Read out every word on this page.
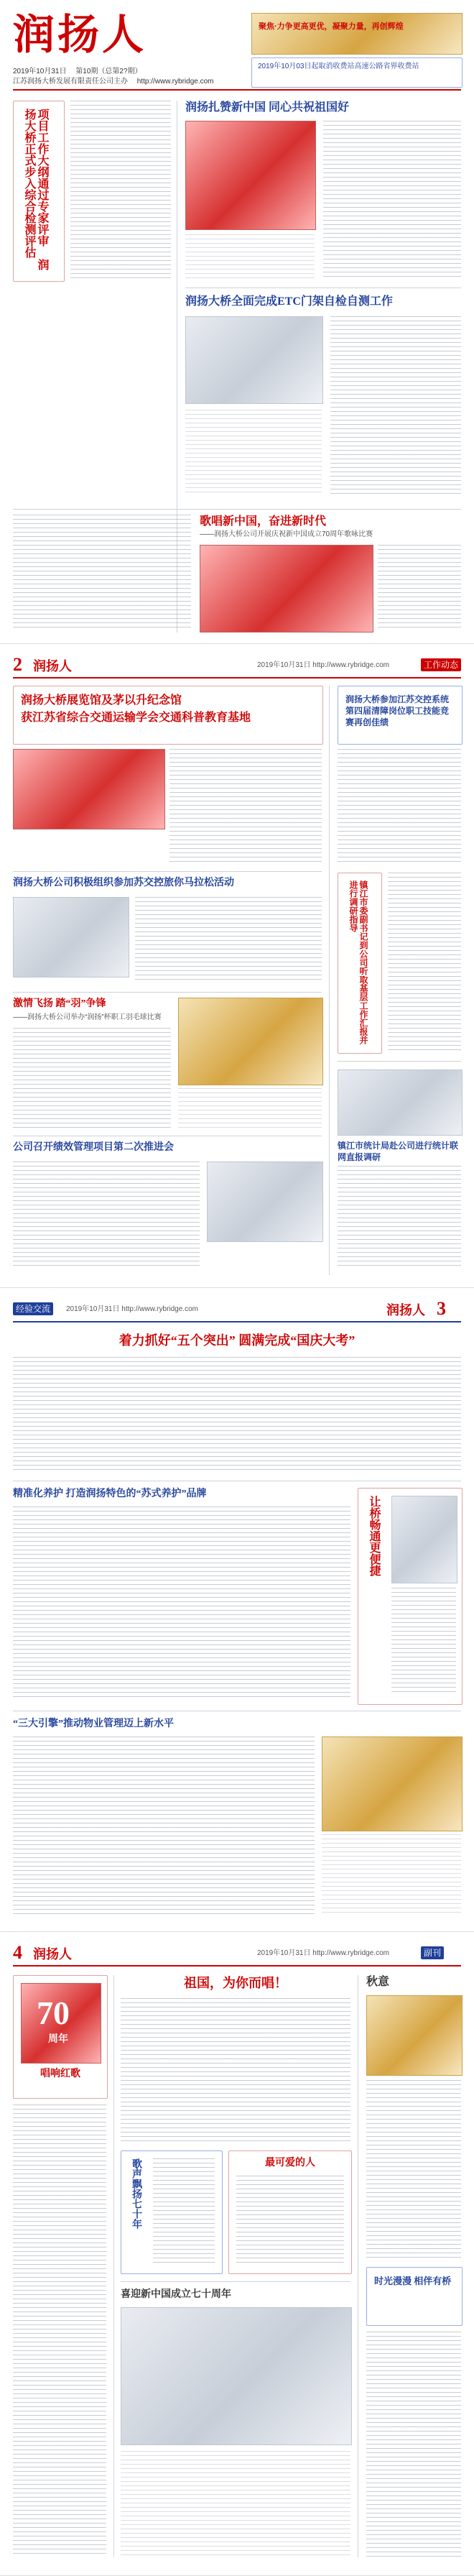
润扬人
2019年10月31日 第10期（总第2?期）
江苏润扬大桥发展有限责任公司主办 http://www.rybridge.com
聚焦·力争更高更优，凝聚力量，再创辉煌
2019年10月03日起取消收费站高速公路省界收费站
项目工作大纲通过专家评审 润扬大桥正式步入综合检测评估
润扬扎赞新中国 同心共祝祖国好
润扬大桥全面完成ETC门架自检自测工作
歌唱新中国，奋进新时代
——润扬大桥公司开展庆祝新中国成立70周年歌咏比赛
2 润扬人	2019年10月31日 http://www.rybridge.com	工作动态
润扬大桥展览馆及茅以升纪念馆
获江苏省综合交通运输学会交通科普教育基地
润扬大桥公司积极组织参加苏交控旅你马拉松活动
激情飞扬 踏“羽”争锋
——润扬大桥公司举办“润扬”杯职工羽毛球比赛
公司召开绩效管理项目第二次推进会
润扬大桥参加江苏交控系统第四届清障岗位职工技能竞赛再创佳绩
镇江市委副书记到公司听取基层工作汇报并进行调研指导
镇江市统计局赴公司进行统计联网直报调研
经验交流	2019年10月31日 http://www.rybridge.com	润扬人 3
着力抓好“五个突出” 圆满完成“国庆大考”
精准化养护 打造润扬特色的“苏式养护”品牌
让桥畅通更便捷
“三大引擎”推动物业管理迈上新水平
4 润扬人	2019年10月31日 http://www.rybridge.com	副刊
70
周年
唱响红歌
祖国，为你而唱！
歌声飘扬七十年	最可爱的人
喜迎新中国成立七十周年
秋意
时光漫漫 相伴有桥
